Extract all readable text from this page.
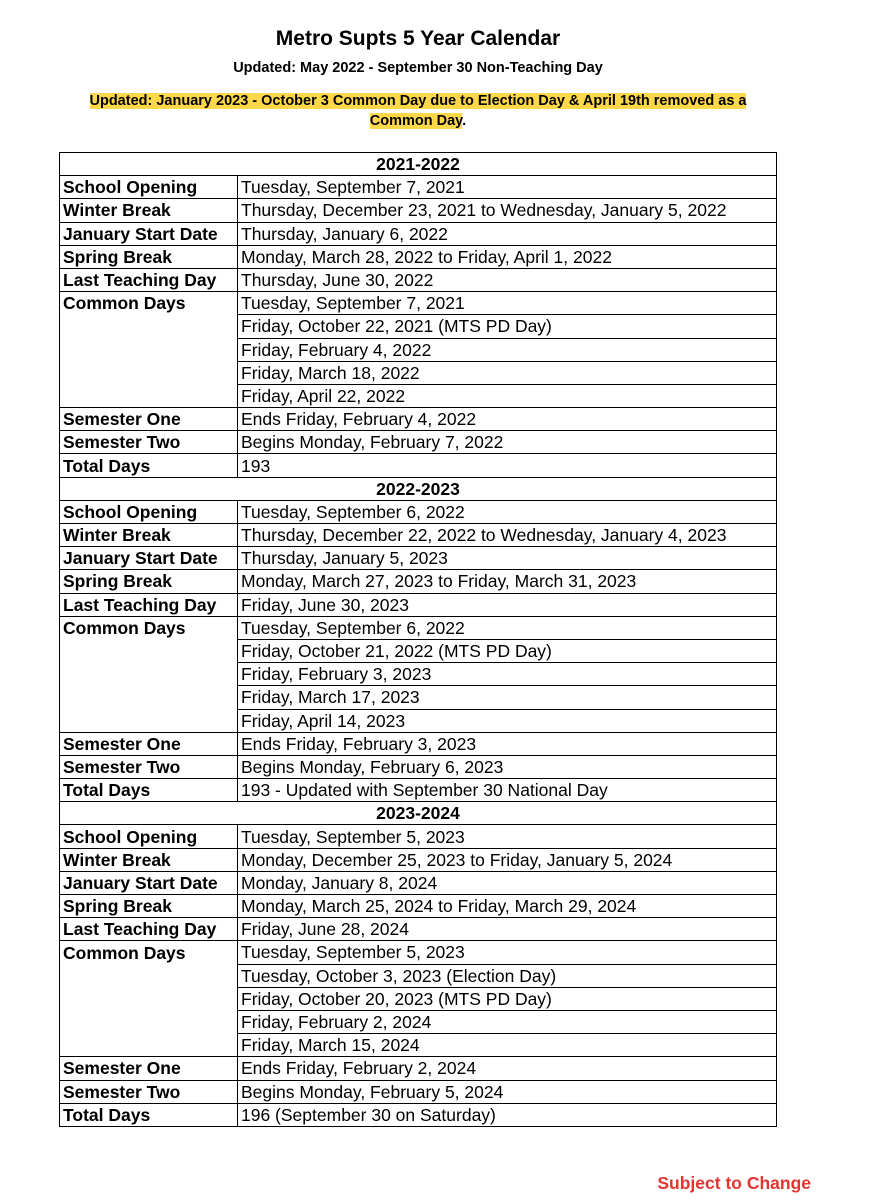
Metro Supts 5 Year Calendar
Updated: May 2022 - September 30 Non-Teaching Day
Updated: January 2023 - October 3 Common Day due to Election Day & April 19th removed as a
Common Day.
2021-2022	
School Opening	Tuesday, September 7, 2021
Winter Break	Thursday, December 23, 2021 to Wednesday, January 5, 2022
January Start Date	Thursday, January 6, 2022
Spring Break	Monday, March 28, 2022 to Friday, April 1, 2022
Last Teaching Day	Thursday, June 30, 2022
Common Days	Tuesday, September 7, 2021
	Friday, October 22, 2021 (MTS PD Day)
	Friday, February 4, 2022
	Friday, March 18, 2022
	Friday, April 22, 2022
Semester One	Ends Friday, February 4, 2022
Semester Two	Begins Monday, February 7, 2022
Total Days	193
2022-2023	
School Opening	Tuesday, September 6, 2022
Winter Break	Thursday, December 22, 2022 to Wednesday, January 4, 2023
January Start Date	Thursday, January 5, 2023
Spring Break	Monday, March 27, 2023 to Friday, March 31, 2023
Last Teaching Day	Friday, June 30, 2023
Common Days	Tuesday, September 6, 2022
	Friday, October 21, 2022 (MTS PD Day)
	Friday, February 3, 2023
	Friday, March 17, 2023
	Friday, April 14, 2023
Semester One	Ends Friday, February 3, 2023
Semester Two	Begins Monday, February 6, 2023
Total Days	193 - Updated with September 30 National Day
2023-2024	
School Opening	Tuesday, September 5, 2023
Winter Break	Monday, December 25, 2023 to Friday, January 5, 2024
January Start Date	Monday, January 8, 2024
Spring Break	Monday, March 25, 2024 to Friday, March 29, 2024
Last Teaching Day	Friday, June 28, 2024
Common Days	Tuesday, September 5, 2023
	Tuesday, October 3, 2023 (Election Day)
	Friday, October 20, 2023 (MTS PD Day)
	Friday, February 2, 2024
	Friday, March 15, 2024
Semester One	Ends Friday, February 2, 2024
Semester Two	Begins Monday, February 5, 2024
Total Days	196 (September 30 on Saturday)
Subject to Change
